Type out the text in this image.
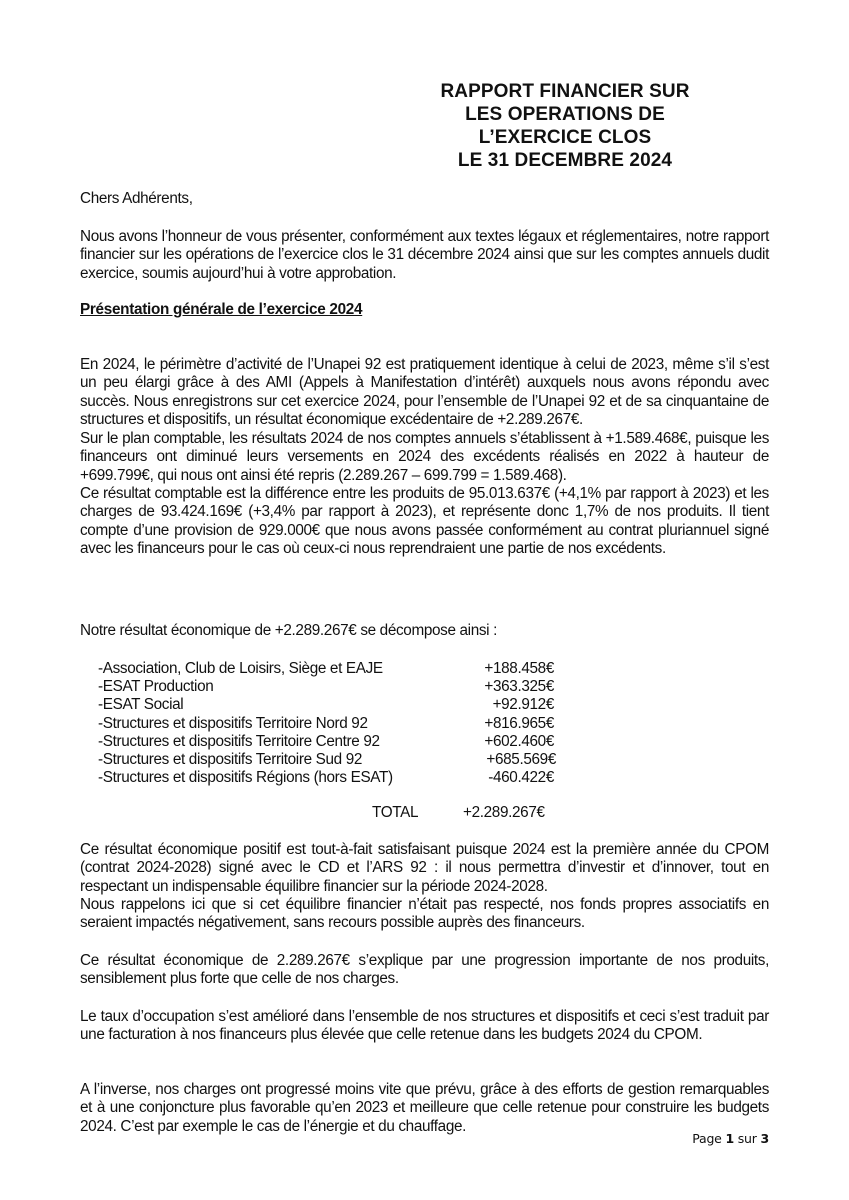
RAPPORT FINANCIER SUR
LES OPERATIONS DE
L’EXERCICE CLOS
LE 31 DECEMBRE 2024

Chers Adhérents,

Nous avons l’honneur de vous présenter, conformément aux textes légaux et réglementaires, notre rapport financier sur les opérations de l’exercice clos le 31 décembre 2024 ainsi que sur les comptes annuels dudit exercice, soumis aujourd’hui à votre approbation.

Présentation générale de l’exercice 2024

En 2024, le périmètre d’activité de l’Unapei 92 est pratiquement identique à celui de 2023, même s’il s’est un peu élargi grâce à des AMI (Appels à Manifestation d’intérêt) auxquels nous avons répondu avec succès. Nous enregistrons sur cet exercice 2024, pour l’ensemble de l’Unapei 92 et de sa cinquantaine de structures et dispositifs, un résultat économique excédentaire de +2.289.267€.

Sur le plan comptable, les résultats 2024 de nos comptes annuels s’établissent à +1.589.468€, puisque les financeurs ont diminué leurs versements en 2024 des excédents réalisés en 2022 à hauteur de +699.799€, qui nous ont ainsi été repris (2.289.267 – 699.799 = 1.589.468).

Ce résultat comptable est la différence entre les produits de 95.013.637€ (+4,1% par rapport à 2023) et les charges de 93.424.169€ (+3,4% par rapport à 2023), et représente donc 1,7% de nos produits. Il tient compte d’une provision de 929.000€ que nous avons passée conformément au contrat pluriannuel signé avec les financeurs pour le cas où ceux-ci nous reprendraient une partie de nos excédents.

Notre résultat économique de +2.289.267€ se décompose ainsi :

-Association, Club de Loisirs, Siège et EAJE	+188.458€
-ESAT Production	+363.325€
-ESAT Social	+92.912€
-Structures et dispositifs Territoire Nord 92	+816.965€
-Structures et dispositifs Territoire Centre 92	+602.460€
-Structures et dispositifs Territoire Sud 92	+685.569€
-Structures et dispositifs Régions (hors ESAT)	-460.422€
TOTAL	+2.289.267€

Ce résultat économique positif est tout-à-fait satisfaisant puisque 2024 est la première année du CPOM (contrat 2024-2028) signé avec le CD et l’ARS 92 : il nous permettra d’investir et d’innover, tout en respectant un indispensable équilibre financier sur la période 2024-2028.

Nous rappelons ici que si cet équilibre financier n’était pas respecté, nos fonds propres associatifs en seraient impactés négativement, sans recours possible auprès des financeurs.

Ce résultat économique de 2.289.267€ s’explique par une progression importante de nos produits, sensiblement plus forte que celle de nos charges.

Le taux d’occupation s’est amélioré dans l’ensemble de nos structures et dispositifs et ceci s’est traduit par une facturation à nos financeurs plus élevée que celle retenue dans les budgets 2024 du CPOM.

A l’inverse, nos charges ont progressé moins vite que prévu, grâce à des efforts de gestion remarquables et à une conjoncture plus favorable qu’en 2023 et meilleure que celle retenue pour construire les budgets 2024. C’est par exemple le cas de l’énergie et du chauffage.

Page 1 sur 3
